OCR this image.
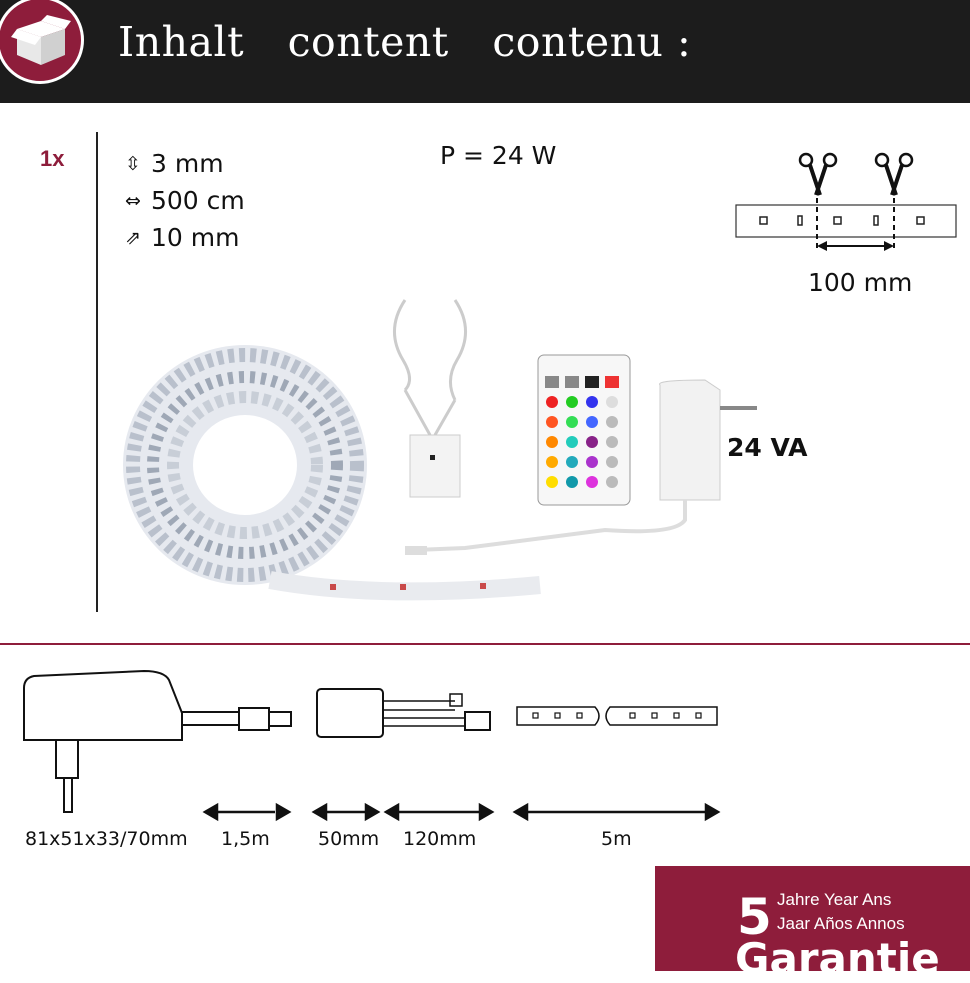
Inhalt content contenu :
1x	⇳ 3 mm
⇔ 500 cm
⇗ 10 mm
P = 24 W
100 mm
24 VA
81x51x33/70mm 1,5m	50mm 120mm	5m
5 Jahre Year Ans
Jaar Años Annos
Garantie
